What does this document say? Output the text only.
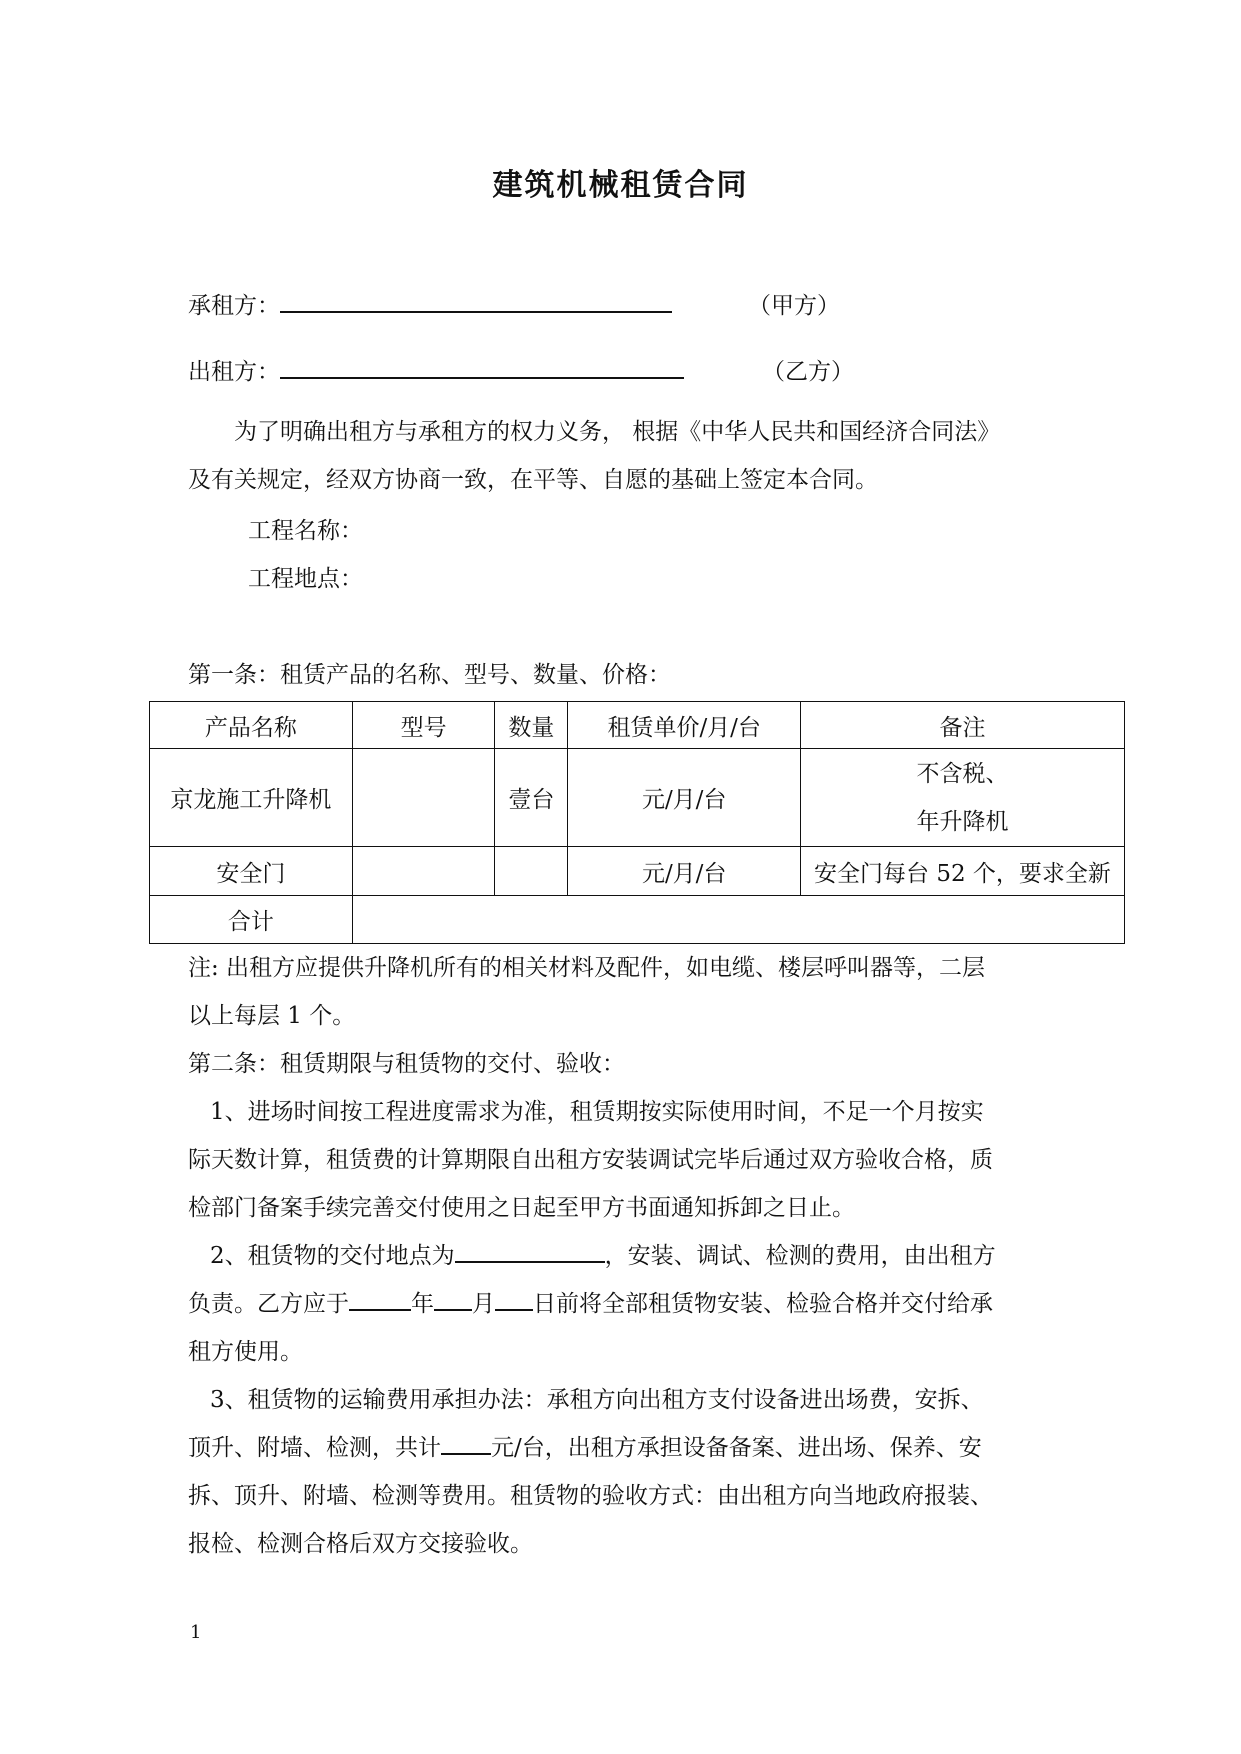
建筑机械租赁合同
承租方：	（甲方）
出租方：	（乙方）
为了明确出租方与承租方的权力义务， 根据《中华人民共和国经济合同法》
及有关规定，经双方协商一致，在平等、自愿的基础上签定本合同。
工程名称：
工程地点：
第一条：租赁产品的名称、型号、数量、价格：
产品名称	型号	数量	租赁单价/月/台	备注
京龙施工升降机		壹台	元/月/台	不含税、
年升降机

安全门			元/月/台	安全门每台 52 个，要求全新
合计				
注: 出租方应提供升降机所有的相关材料及配件，如电缆、楼层呼叫器等，二层
以上每层 1 个。
第二条：租赁期限与租赁物的交付、验收：
1、进场时间按工程进度需求为准，租赁期按实际使用时间，不足一个月按实
际天数计算，租赁费的计算期限自出租方安装调试完毕后通过双方验收合格，质
检部门备案手续完善交付使用之日起至甲方书面通知拆卸之日止。
2、租赁物的交付地点为	，安装、调试、检测的费用，由出租方
负责。乙方应于	年 月 日前将全部租赁物安装、检验合格并交付给承
租方使用。
3、租赁物的运输费用承担办法：承租方向出租方支付设备进出场费，安拆、
顶升、附墙、检测，共计 元/台，出租方承担设备备案、进出场、保养、安
拆、顶升、附墙、检测等费用。租赁物的验收方式：由出租方向当地政府报装、
报检、检测合格后双方交接验收。
1
